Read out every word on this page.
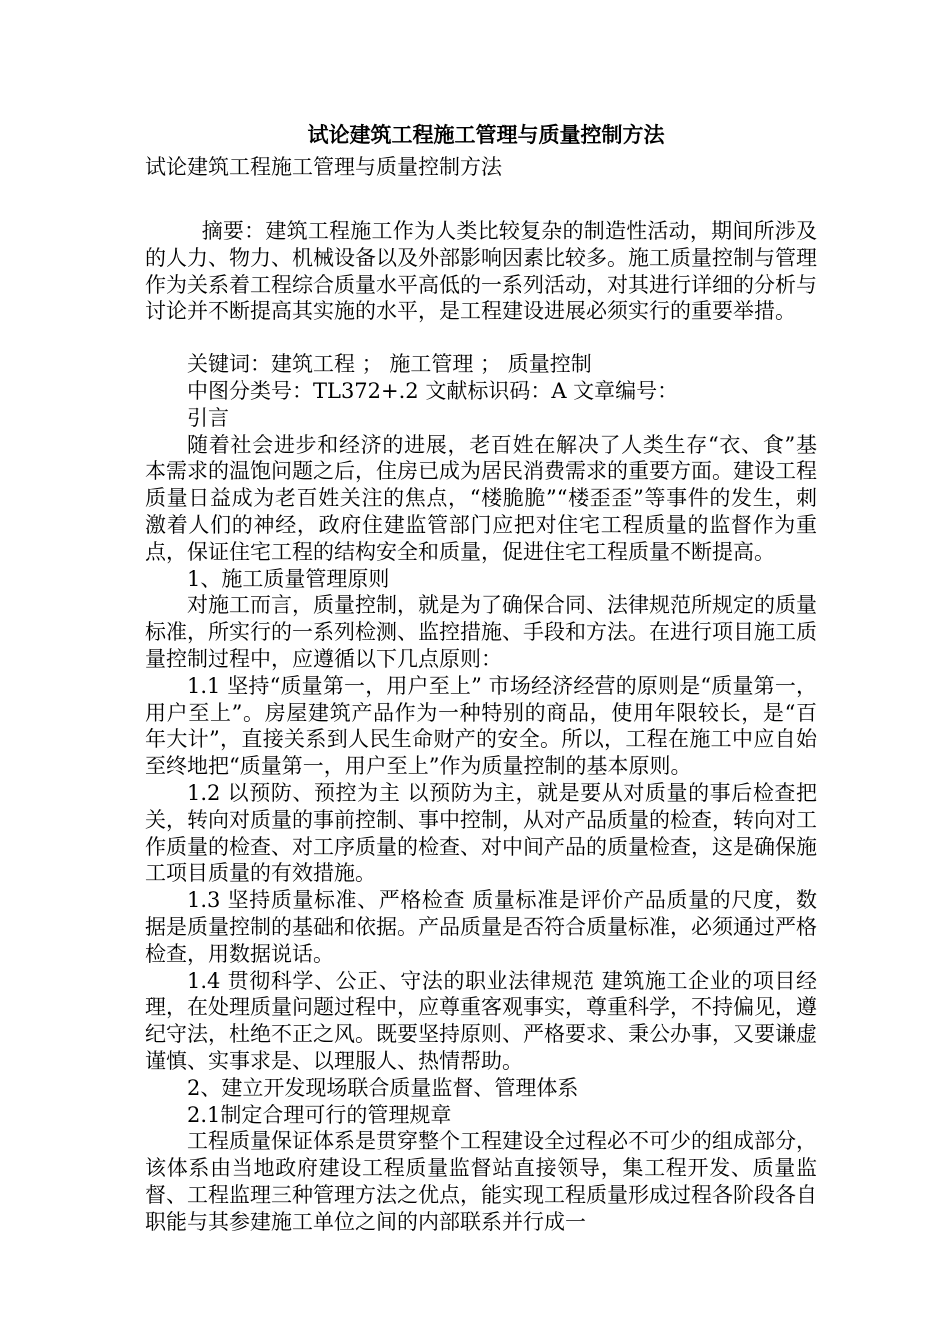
试论建筑工程施工管理与质量控制方法

试论建筑工程施工管理与质量控制方法

摘要：建筑工程施工作为人类比较复杂的制造性活动，期间所涉及的人力、物力、机械设备以及外部影响因素比较多。施工质量控制与管理作为关系着工程综合质量水平高低的一系列活动，对其进行详细的分析与讨论并不断提高其实施的水平，是工程建设进展必须实行的重要举措。

关键词：建筑工程 ； 施工管理 ； 质量控制

中图分类号：TL372+.2 文献标识码：A 文章编号：

引言

随着社会进步和经济的进展，老百姓在解决了人类生存“衣、食”基本需求的温饱问题之后，住房已成为居民消费需求的重要方面。建设工程质量日益成为老百姓关注的焦点，“楼脆脆”“楼歪歪”等事件的发生，刺激着人们的神经，政府住建监管部门应把对住宅工程质量的监督作为重点，保证住宅工程的结构安全和质量，促进住宅工程质量不断提高。

1、施工质量管理原则

对施工而言，质量控制，就是为了确保合同、法律规范所规定的质量标准，所实行的一系列检测、监控措施、手段和方法。在进行项目施工质量控制过程中，应遵循以下几点原则：

1.1 坚持“质量第一，用户至上” 市场经济经营的原则是“质量第一，用户至上”。房屋建筑产品作为一种特别的商品，使用年限较长，是“百年大计”，直接关系到人民生命财产的安全。所以，工程在施工中应自始至终地把“质量第一，用户至上”作为质量控制的基本原则。

1.2 以预防、预控为主 以预防为主，就是要从对质量的事后检查把关，转向对质量的事前控制、事中控制，从对产品质量的检查，转向对工作质量的检查、对工序质量的检查、对中间产品的质量检查，这是确保施工项目质量的有效措施。

1.3 坚持质量标准、严格检查 质量标准是评价产品质量的尺度，数据是质量控制的基础和依据。产品质量是否符合质量标准，必须通过严格检查，用数据说话。

1.4 贯彻科学、公正、守法的职业法律规范 建筑施工企业的项目经理，在处理质量问题过程中，应尊重客观事实，尊重科学，不持偏见，遵纪守法，杜绝不正之风。既要坚持原则、严格要求、秉公办事，又要谦虚谨慎、实事求是、以理服人、热情帮助。

2、建立开发现场联合质量监督、管理体系

2.1制定合理可行的管理规章

工程质量保证体系是贯穿整个工程建设全过程必不可少的组成部分，该体系由当地政府建设工程质量监督站直接领导，集工程开发、质量监督、工程监理三种管理方法之优点，能实现工程质量形成过程各阶段各自职能与其参建施工单位之间的内部联系并行成一
